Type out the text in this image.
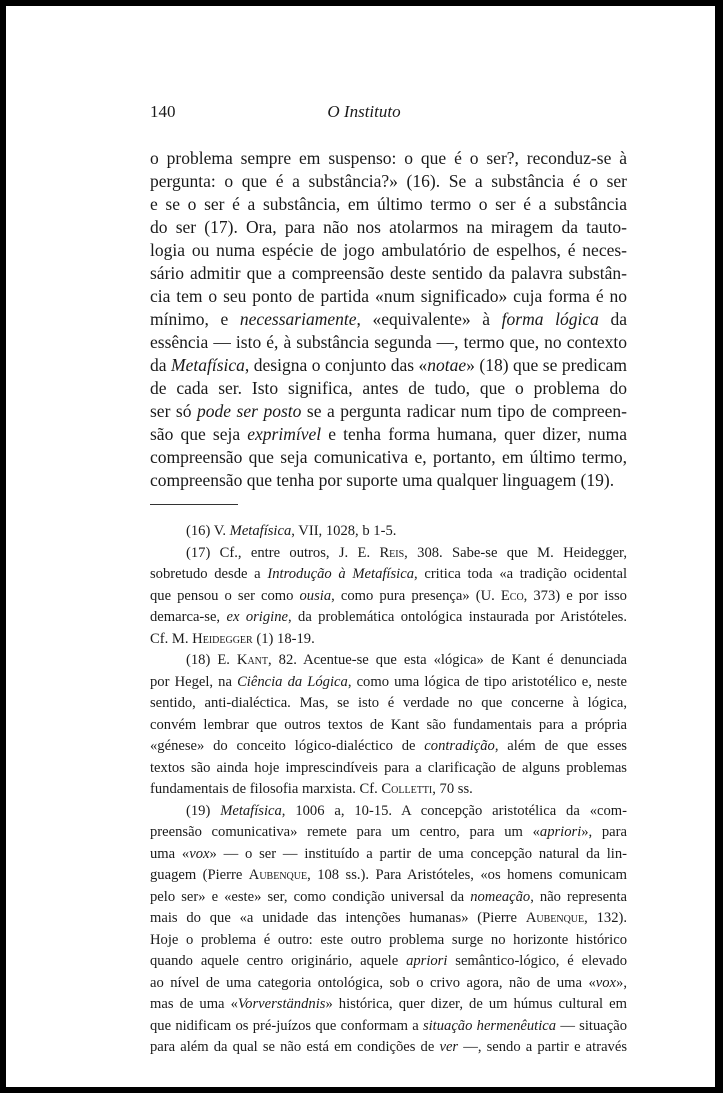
140	O Instituto
o problema sempre em suspenso: o que é o ser?, reconduz-se à
pergunta: o que é a substância?» (16). Se a substância é o ser
e se o ser é a substância, em último termo o ser é a substância
do ser (17). Ora, para não nos atolarmos na miragem da tauto-
logia ou numa espécie de jogo ambulatório de espelhos, é neces-
sário admitir que a compreensão deste sentido da palavra substân-
cia tem o seu ponto de partida «num significado» cuja forma é no
mínimo, e necessariamente, «equivalente» à forma lógica da
essência — isto é, à substância segunda —, termo que, no contexto
da Metafísica, designa o conjunto das «notae» (18) que se predicam
de cada ser. Isto significa, antes de tudo, que o problema do
ser só pode ser posto se a pergunta radicar num tipo de compreen-
são que seja exprimível e tenha forma humana, quer dizer, numa
compreensão que seja comunicativa e, portanto, em último termo,
compreensão que tenha por suporte uma qualquer linguagem (19).
(16) V. Metafísica, VII, 1028, b 1-5.
(17) Cf., entre outros, J. E. Reis, 308. Sabe-se que M. Heidegger,
sobretudo desde a Introdução à Metafísica, critica toda «a tradição ocidental
que pensou o ser como ousia, como pura presença» (U. Eco, 373) e por isso
demarca-se, ex origine, da problemática ontológica instaurada por Aristóteles.
Cf. M. Heidegger (1) 18-19.
(18) E. Kant, 82. Acentue-se que esta «lógica» de Kant é denunciada
por Hegel, na Ciência da Lógica, como uma lógica de tipo aristotélico e, neste
sentido, anti-dialéctica. Mas, se isto é verdade no que concerne à lógica,
convém lembrar que outros textos de Kant são fundamentais para a própria
«génese» do conceito lógico-dialéctico de contradição, além de que esses
textos são ainda hoje imprescindíveis para a clarificação de alguns problemas
fundamentais de filosofia marxista. Cf. Colletti, 70 ss.
(19) Metafísica, 1006 a, 10-15. A concepção aristotélica da «com-
preensão comunicativa» remete para um centro, para um «apriori», para
uma «vox» — o ser — instituído a partir de uma concepção natural da lin-
guagem (Pierre Aubenque, 108 ss.). Para Aristóteles, «os homens comunicam
pelo ser» e «este» ser, como condição universal da nomeação, não representa
mais do que «a unidade das intenções humanas» (Pierre Aubenque, 132).
Hoje o problema é outro: este outro problema surge no horizonte histórico
quando aquele centro originário, aquele apriori semântico-lógico, é elevado
ao nível de uma categoria ontológica, sob o crivo agora, não de uma «vox»,
mas de uma «Vorverständnis» histórica, quer dizer, de um húmus cultural em
que nidificam os pré-juízos que conformam a situação hermenêutica — situação
para além da qual se não está em condições de ver —, sendo a partir e através
